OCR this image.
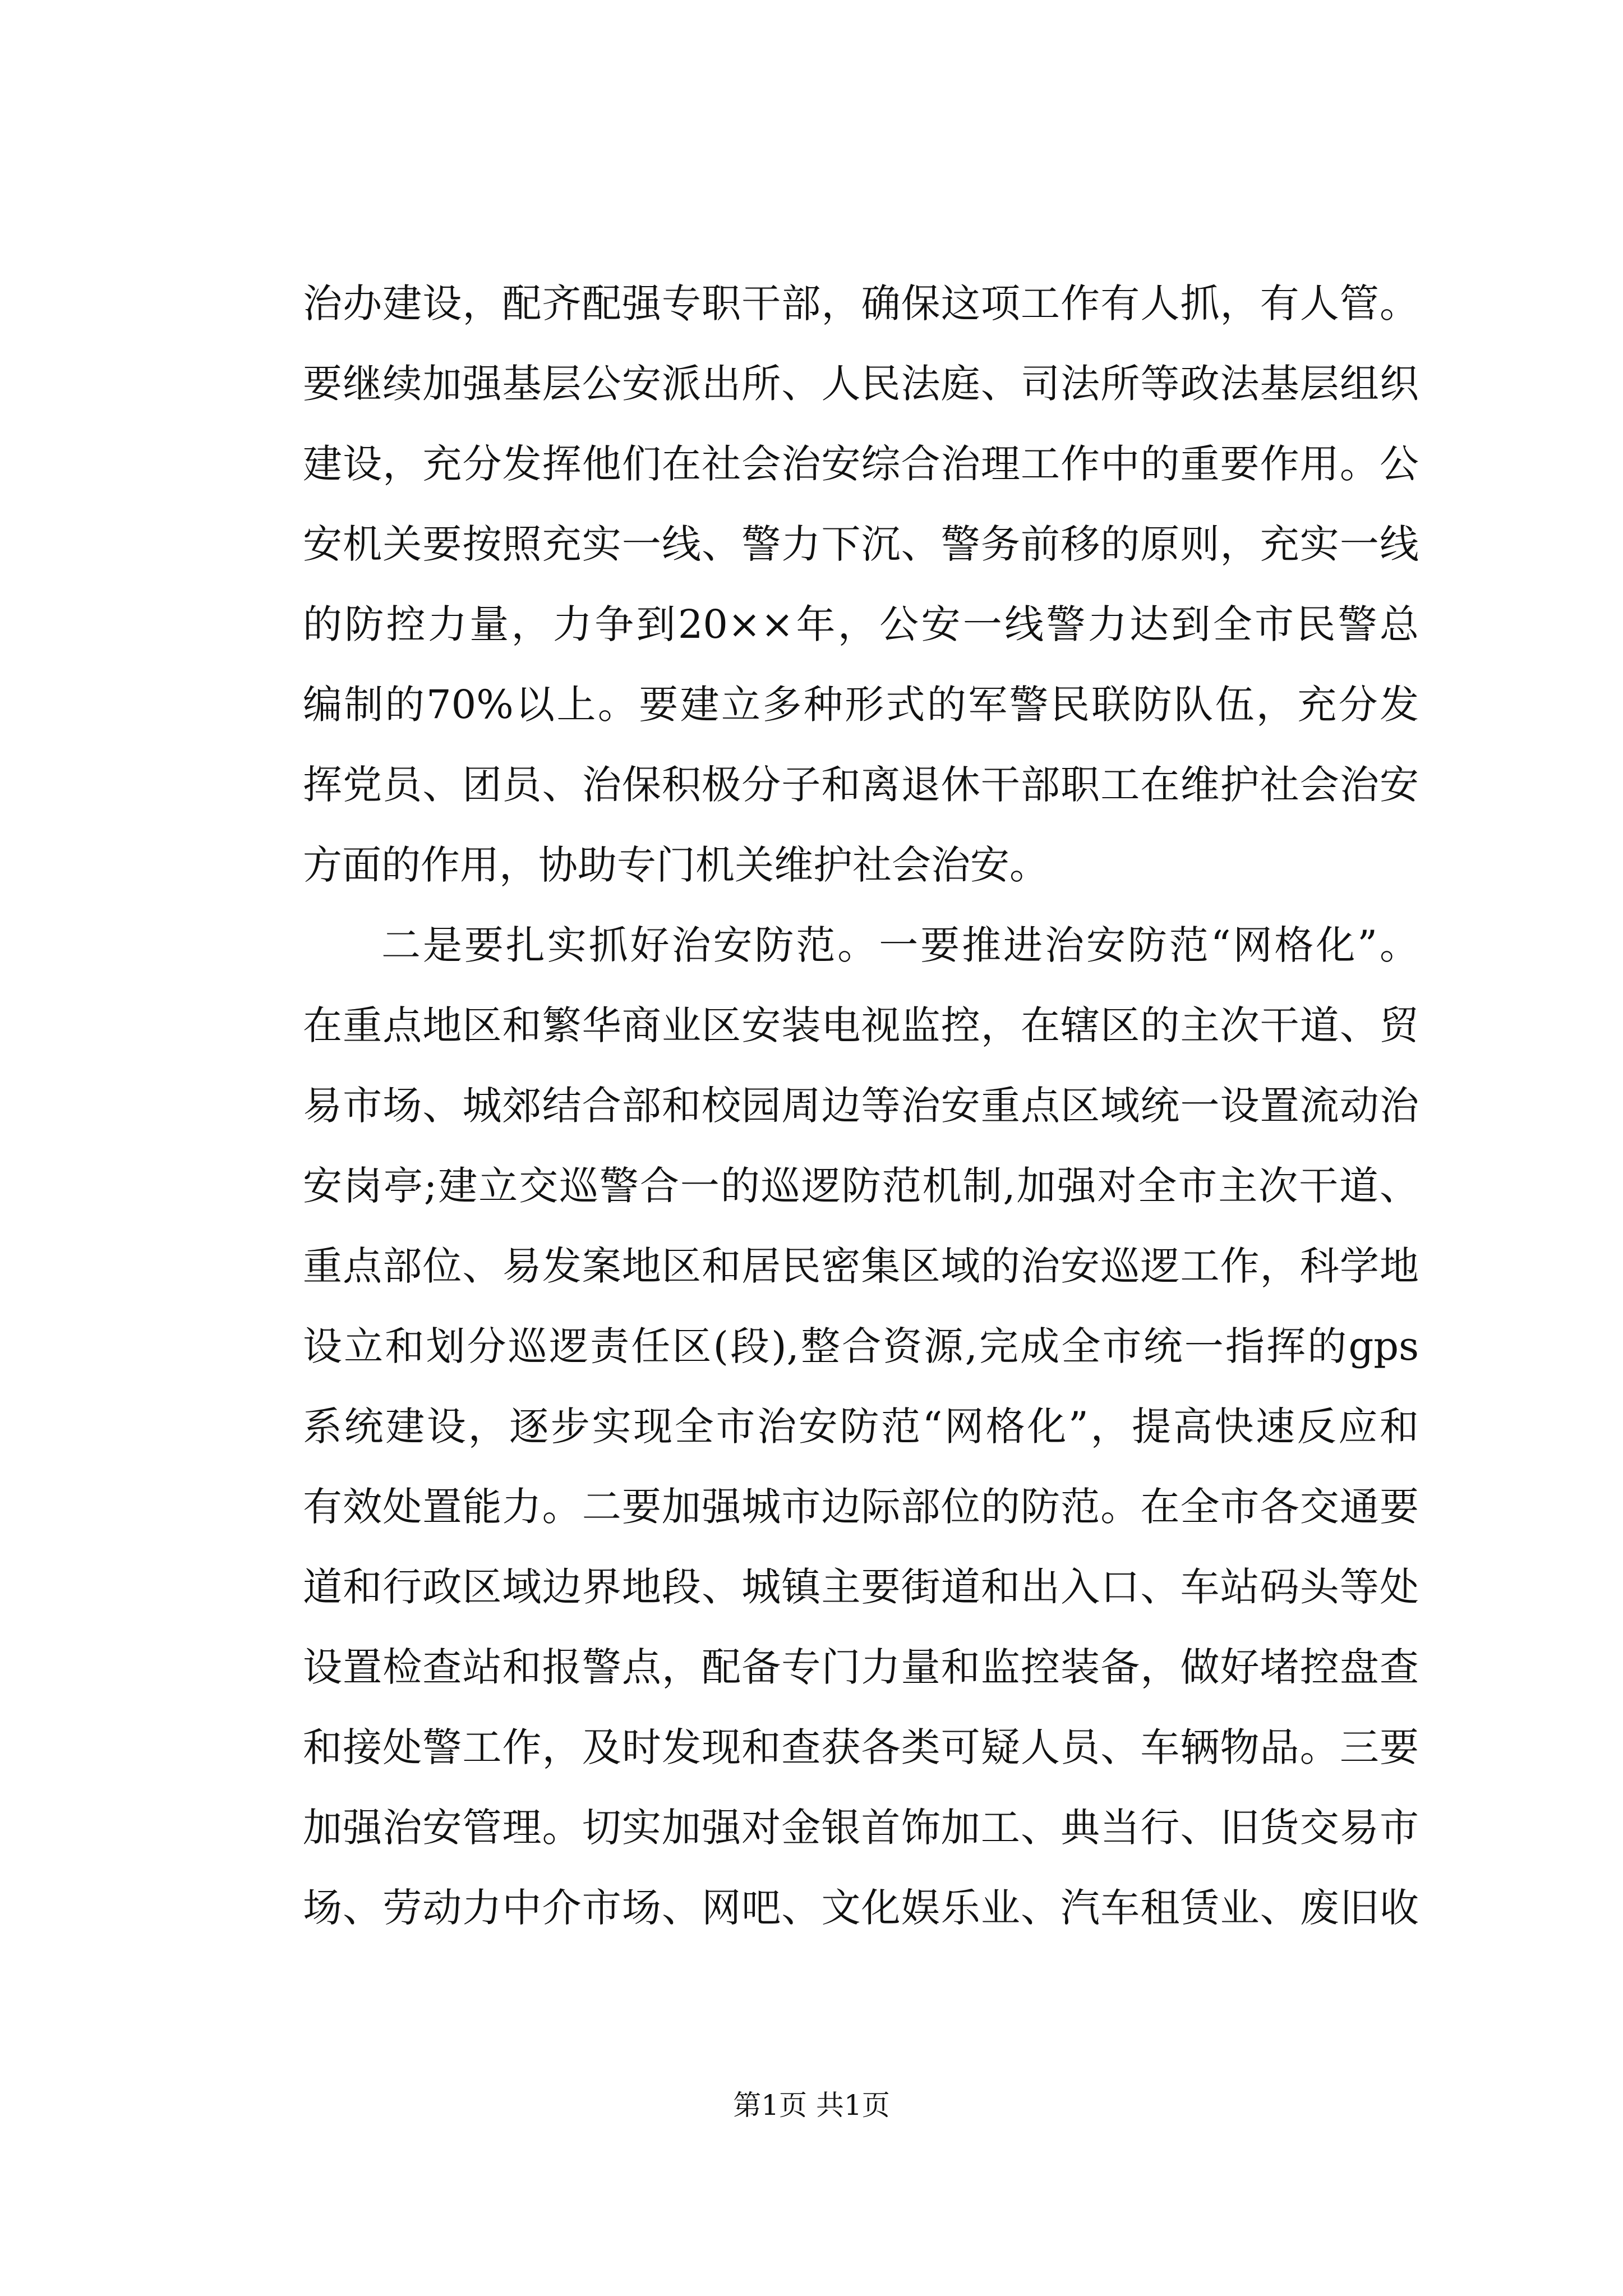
治办建设，配齐配强专职干部，确保这项工作有人抓，有人管。
要继续加强基层公安派出所、人民法庭、司法所等政法基层组织
建设，充分发挥他们在社会治安综合治理工作中的重要作用。公
安机关要按照充实一线、警力下沉、警务前移的原则，充实一线
的防控力量，力争到20××年，公安一线警力达到全市民警总
编制的70%以上。要建立多种形式的军警民联防队伍，充分发
挥党员、团员、治保积极分子和离退休干部职工在维护社会治安
方面的作用，协助专门机关维护社会治安。
二是要扎实抓好治安防范。一要推进治安防范“网格化”。
在重点地区和繁华商业区安装电视监控，在辖区的主次干道、贸
易市场、城郊结合部和校园周边等治安重点区域统一设置流动治
安岗亭;建立交巡警合一的巡逻防范机制,加强对全市主次干道、
重点部位、易发案地区和居民密集区域的治安巡逻工作，科学地
设立和划分巡逻责任区(段),整合资源,完成全市统一指挥的gps
系统建设，逐步实现全市治安防范“网格化”，提高快速反应和
有效处置能力。二要加强城市边际部位的防范。在全市各交通要
道和行政区域边界地段、城镇主要街道和出入口、车站码头等处
设置检查站和报警点，配备专门力量和监控装备，做好堵控盘查
和接处警工作，及时发现和查获各类可疑人员、车辆物品。三要
加强治安管理。切实加强对金银首饰加工、典当行、旧货交易市
场、劳动力中介市场、网吧、文化娱乐业、汽车租赁业、废旧收
第1页 共1页
